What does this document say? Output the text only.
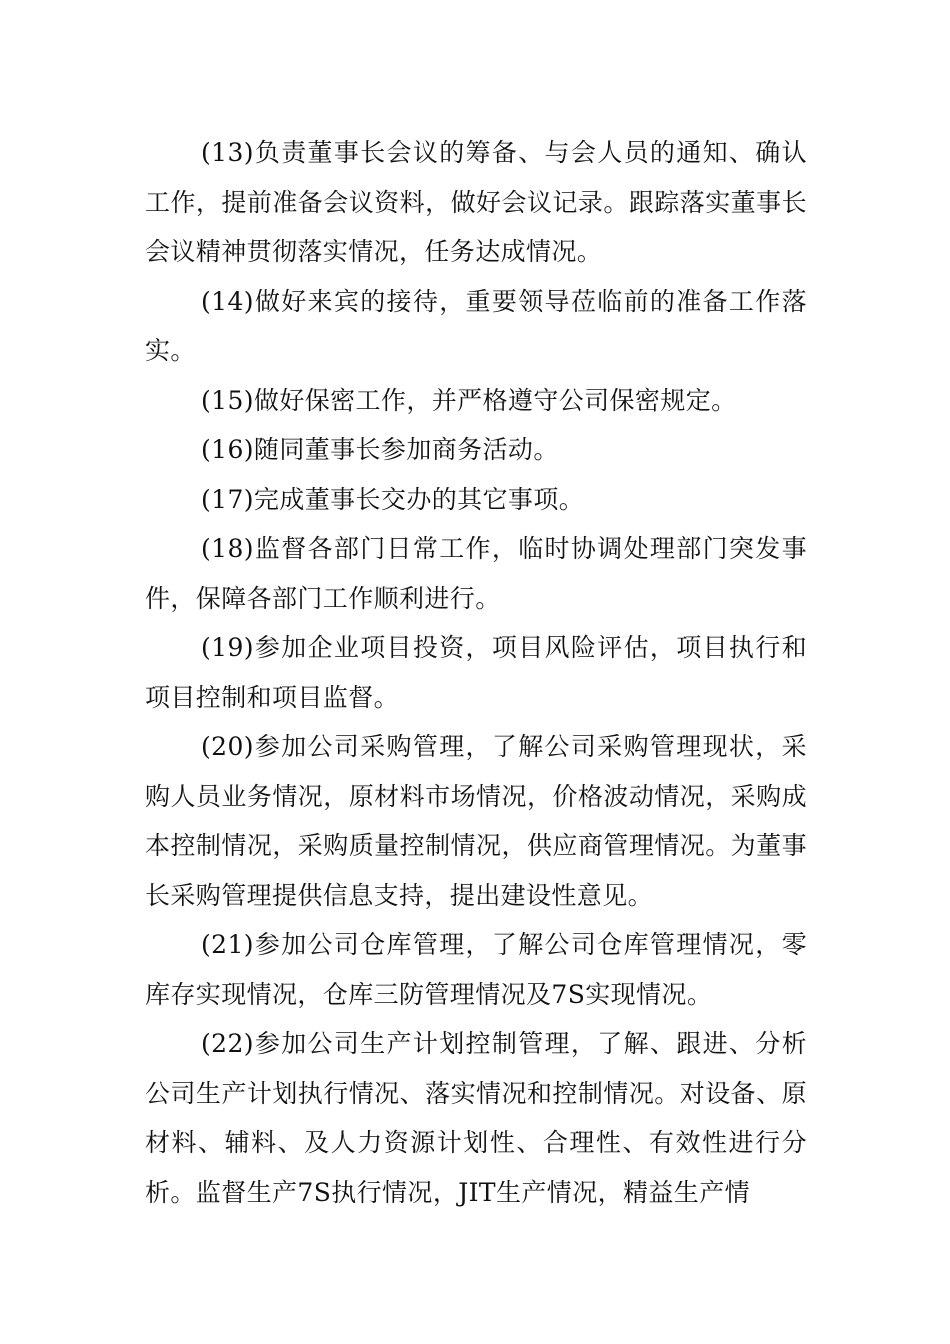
(13)负责董事长会议的筹备、与会人员的通知、确认工作，提前准备会议资料，做好会议记录。跟踪落实董事长会议精神贯彻落实情况，任务达成情况。

(14)做好来宾的接待，重要领导莅临前的准备工作落实。

(15)做好保密工作，并严格遵守公司保密规定。

(16)随同董事长参加商务活动。

(17)完成董事长交办的其它事项。

(18)监督各部门日常工作，临时协调处理部门突发事件，保障各部门工作顺利进行。

(19)参加企业项目投资，项目风险评估，项目执行和项目控制和项目监督。

(20)参加公司采购管理，了解公司采购管理现状，采购人员业务情况，原材料市场情况，价格波动情况，采购成本控制情况，采购质量控制情况，供应商管理情况。为董事长采购管理提供信息支持，提出建设性意见。

(21)参加公司仓库管理，了解公司仓库管理情况，零库存实现情况，仓库三防管理情况及7S实现情况。

(22)参加公司生产计划控制管理，了解、跟进、分析公司生产计划执行情况、落实情况和控制情况。对设备、原材料、辅料、及人力资源计划性、合理性、有效性进行分析。监督生产7S执行情况，JIT生产情况，精益生产情
